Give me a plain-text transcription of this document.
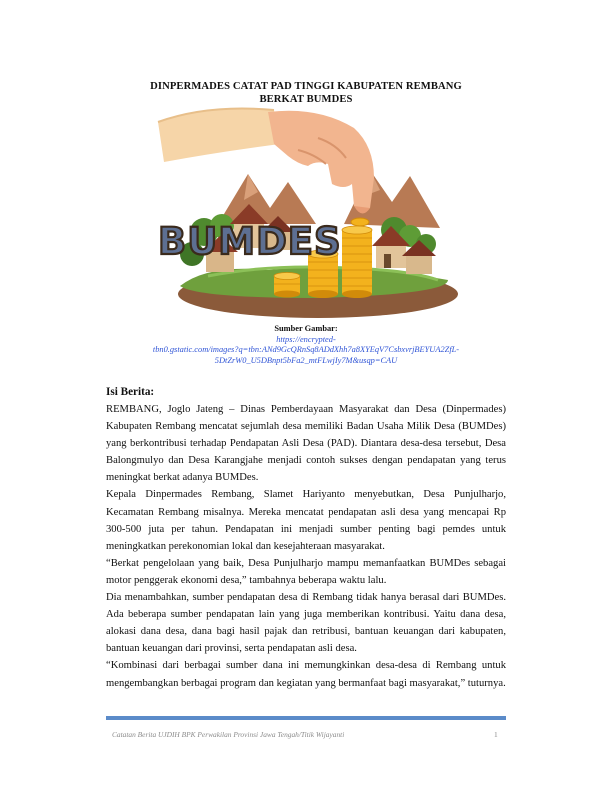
DINPERMADES CATAT PAD TINGGI KABUPATEN REMBANG
BERKAT BUMDES
BUMDES
Sumber Gambar:
https://encrypted-
tbn0.gstatic.com/images?q=tbn:ANd9GcQRnSq8ADdXhh7a8XYEqV7CsbxvrjBEYUA2ZfL-
5DtZrW0_U5DBnpt5bFa2_mtFLwjIy7M&usqp=CAU
Isi Berita:

REMBANG, Joglo Jateng – Dinas Pemberdayaan Masyarakat dan Desa (Dinpermades) Kabupaten Rembang mencatat sejumlah desa memiliki Badan Usaha Milik Desa (BUMDes) yang berkontribusi terhadap Pendapatan Asli Desa (PAD). Diantara desa-desa tersebut, Desa Balongmulyo dan Desa Karangjahe menjadi contoh sukses dengan pendapatan yang terus meningkat berkat adanya BUMDes.

Kepala Dinpermades Rembang, Slamet Hariyanto menyebutkan, Desa Punjulharjo, Kecamatan Rembang misalnya. Mereka mencatat pendapatan asli desa yang mencapai Rp 300-500 juta per tahun. Pendapatan ini menjadi sumber penting bagi pemdes untuk meningkatkan perekonomian lokal dan kesejahteraan masyarakat.

“Berkat pengelolaan yang baik, Desa Punjulharjo mampu memanfaatkan BUMDes sebagai motor penggerak ekonomi desa,” tambahnya beberapa waktu lalu.

Dia menambahkan, sumber pendapatan desa di Rembang tidak hanya berasal dari BUMDes. Ada beberapa sumber pendapatan lain yang juga memberikan kontribusi. Yaitu dana desa, alokasi dana desa, dana bagi hasil pajak dan retribusi, bantuan keuangan dari kabupaten, bantuan keuangan dari provinsi, serta pendapatan asli desa.

“Kombinasi dari berbagai sumber dana ini memungkinkan desa-desa di Rembang untuk mengembangkan berbagai program dan kegiatan yang bermanfaat bagi masyarakat,” tuturnya.

Catatan Berita UJDIH BPK Perwakilan Provinsi Jawa Tengah/Titik Wijayanti	1
